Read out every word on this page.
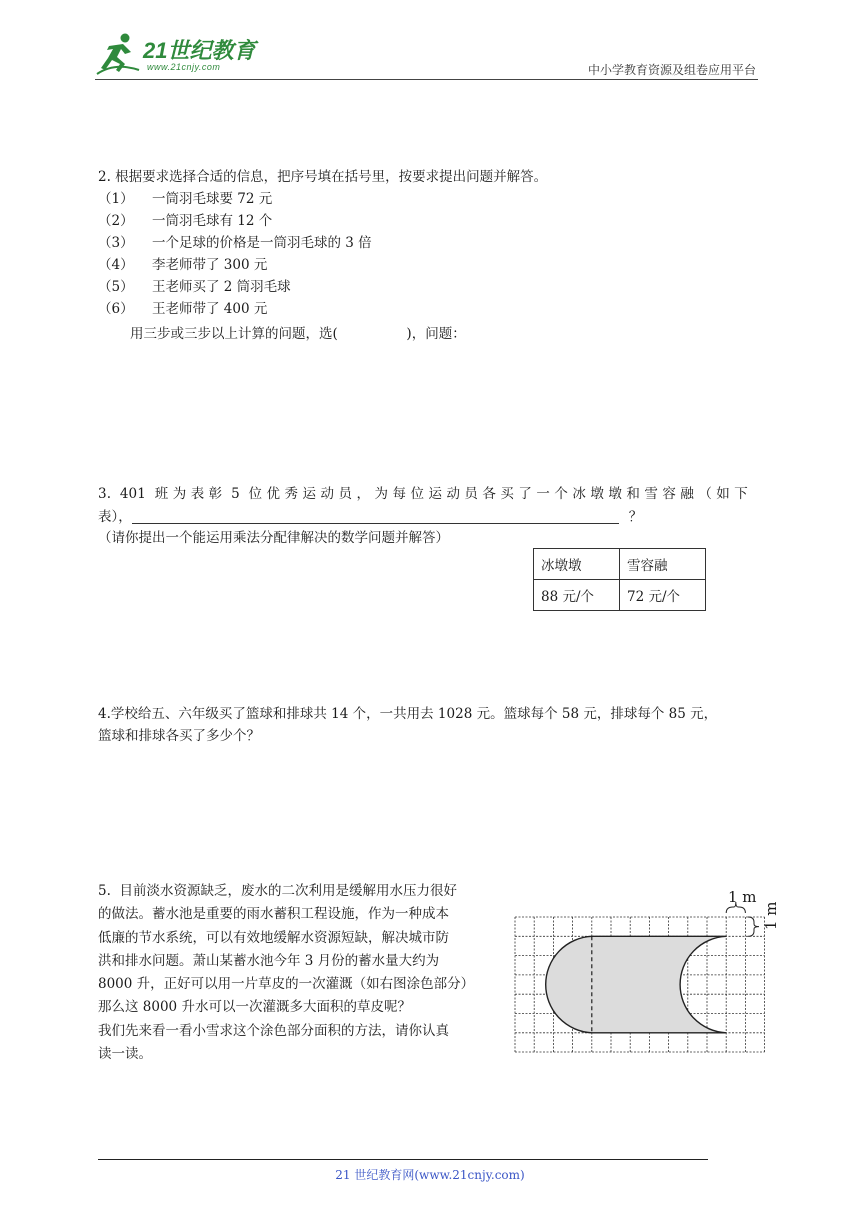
21世纪教育
www.21cnjy.com	中小学教育资源及组卷应用平台
2. 根据要求选择合适的信息，把序号填在括号里，按要求提出问题并解答。
（1） 一筒羽毛球要 72 元
（2） 一筒羽毛球有 12 个
（3） 一个足球的价格是一筒羽毛球的 3 倍
（4） 李老师带了 300 元
（5） 王老师买了 2 筒羽毛球
（6） 王老师带了 400 元
用三步或三步以上计算的问题，选(                )，问题：
3.  401  班 为 表 彰  5  位 优 秀 运 动 员 ， 为 每 位 运 动 员 各 买 了 一 个 冰 墩 墩 和 雪 容 融 （ 如 下
表），	？
（请你提出一个能运用乘法分配律解决的数学问题并解答）
冰墩墩	雪容融
88 元/个	72 元/个
4.学校给五、六年级买了篮球和排球共 14 个，一共用去 1028 元。篮球每个 58 元，排球每个 85 元，
篮球和排球各买了多少个？
5.  目前淡水资源缺乏，废水的二次利用是缓解用水压力很好
的做法。蓄水池是重要的雨水蓄积工程设施，作为一种成本
低廉的节水系统，可以有效地缓解水资源短缺，解决城市防
洪和排水问题。萧山某蓄水池今年 3 月份的蓄水量大约为
8000 升，正好可以用一片草皮的一次灌溉（如右图涂色部分）
那么这 8000 升水可以一次灌溉多大面积的草皮呢？
我们先来看一看小雪求这个涂色部分面积的方法，请你认真
读一读。
1 m
1 m
21 世纪教育网(www.21cnjy.com)
